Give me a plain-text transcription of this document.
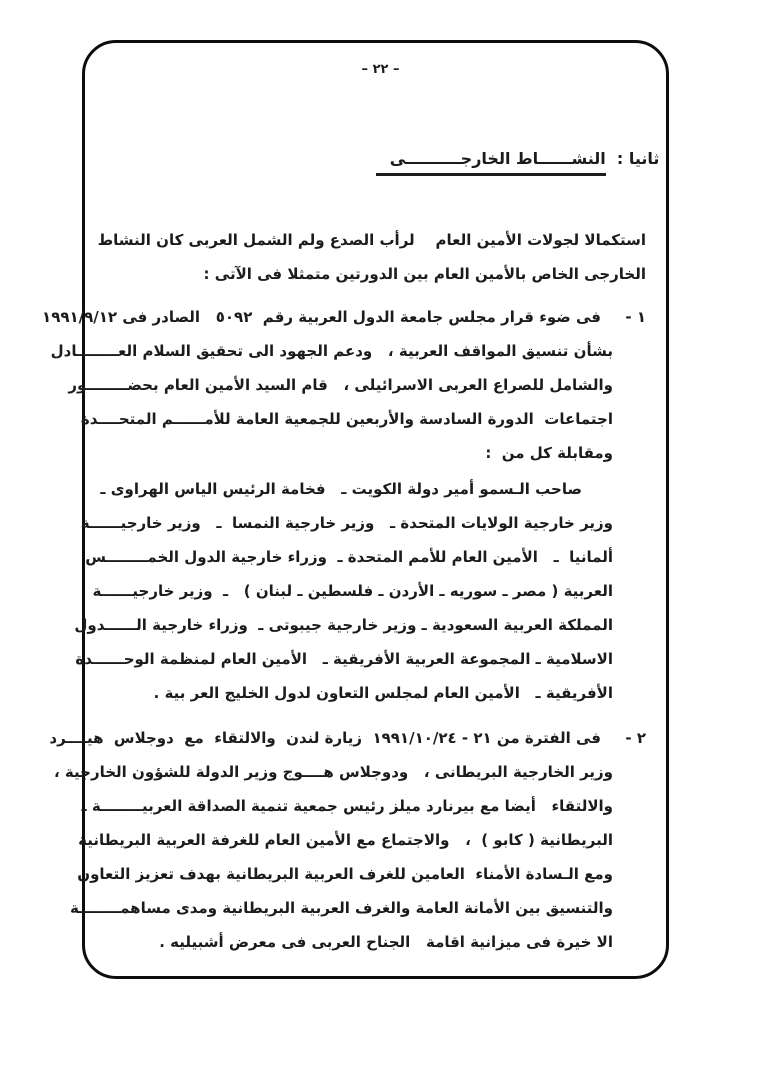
– ٢٢ –

ثانيا :  النشــــــاط الخارجــــــــــى

استكمالا لجولات الأمين العام    لرأب الصدع ولم الشمل العربى كان النشاط
الخارجى الخاص بالأمين العام بين الدورتين متمثلا فى الآتى :
١ -
فى ضوء قرار مجلس جامعة الدول العربية رقم  ٥٠٩٢   الصادر فى ١٩٩١/٩/١٢
بشأن تنسيق المواقف العربية ،   ودعم الجهود الى تحقيق السلام العــــــــادل
والشامل للصراع العربى الاسرائيلى ،   قام السيد الأمين العام بحضــــــــور
اجتماعات  الدورة السادسة والأربعين للجمعية العامة للأمــــــم المتحــــدة
ومقابلة كل من  :
صاحب الـسمو أمير دولة الكويت ـ   فخامة الرئيس الياس الهراوى ـ
وزير خارجية الولايات المتحدة ـ   وزير خارجية النمسا  ـ   وزير خارجيــــــة
ألمانيا  ـ   الأمين العام للأمم المتحدة ـ  وزراء خارجية الدول الخمــــــــس
العربية ( مصر ـ سوريه ـ الأردن ـ فلسطين ـ لبنان )   ـ  وزير خارجيــــــة
المملكة العربية السعودية ـ وزير خارجية جيبوتى ـ  وزراء خارجية الــــــدول
الاسلامية ـ المجموعة العربية الأفريقية ـ   الأمين العام لمنظمة الوحــــــدة
الأفريقية ـ   الأمين العام لمجلس التعاون لدول الخليج العر بية .
٢ -
فى الفترة من ٢١ - ١٩٩١/١٠/٢٤  زيارة لندن  والالتقاء  مع  دوجلاس  هيــــرد
وزير الخارجية البريطانى ،   ودوجلاس هــــوج وزير الدولة للشؤون الخارجية ،
والالتقاء   أيضا مع بيرنارد ميلز رئيس جمعية تنمية الصداقة العربيــــــــة ـ
البريطانية ( كابو )  ،   والاجتماع مع الأمين العام للغرفة العربية البريطانية
ومع الـسادة الأمناء  العامين للغرف العربية البريطانية بهدف تعزيز التعاون
والتنسيق بين الأمانة العامة والغرف العربية البريطانية ومدى مساهمــــــــة
الا خيرة فى ميزانية اقامة   الجناح العربى فى معرض أشبيليه .
